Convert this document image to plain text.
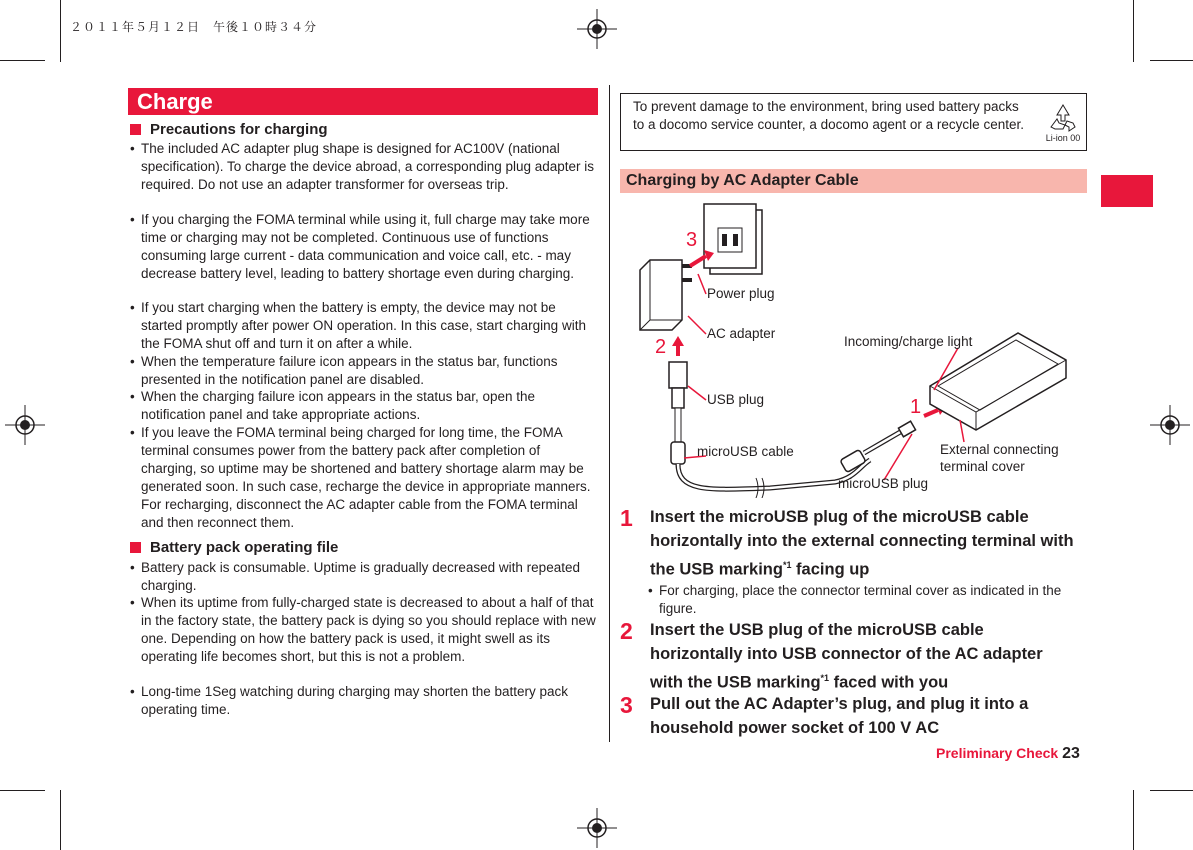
２０１１年５月１２日　午後１０時３４分
Charge
Precautions for charging
• The included AC adapter plug shape is designed for AC100V (national specification). To charge the device abroad, a corresponding plug adapter is required. Do not use an adapter transformer for overseas trip.
• If you charging the FOMA terminal while using it, full charge may take more time or charging may not be completed. Continuous use of functions consuming large current - data communication and voice call, etc. - may decrease battery level, leading to battery shortage even during charging.
• If you start charging when the battery is empty, the device may not be started promptly after power ON operation. In this case, start charging with the FOMA shut off and turn it on after a while.
• When the temperature failure icon appears in the status bar, functions presented in the notification panel are disabled.
• When the charging failure icon appears in the status bar, open the notification panel and take appropriate actions.
• If you leave the FOMA terminal being charged for long time, the FOMA terminal consumes power from the battery pack after completion of charging, so uptime may be shortened and battery shortage alarm may be generated soon. In such case, recharge the device in appropriate manners. For recharging, disconnect the AC adapter cable from the FOMA terminal and then reconnect them.
Battery pack operating file
• Battery pack is consumable. Uptime is gradually decreased with repeated charging.
• When its uptime from fully-charged state is decreased to about a half of that in the factory state, the battery pack is dying so you should replace with new one. Depending on how the battery pack is used, it might swell as its operating life becomes short, but this is not a problem.
• Long-time 1Seg watching during charging may shorten the battery pack operating time.
To prevent damage to the environment, bring used battery packs to a docomo service counter, a docomo agent or a recycle center.
Li-ion 00
Charging by AC Adapter Cable
Power plug
AC adapter
Incoming/charge light
USB plug
microUSB cable	External connecting
terminal cover
microUSB plug
3
2
1
1 Insert the microUSB plug of the microUSB cable horizontally into the external connecting terminal with the USB marking$^{*1}$ facing up
• For charging, place the connector terminal cover as indicated in the figure.
2 Insert the USB plug of the microUSB cable horizontally into USB connector of the AC adapter with the USB marking$^{*1}$ faced with you
3 Pull out the AC Adapter’s plug, and plug it into a household power socket of 100 V AC
Preliminary Check 23
